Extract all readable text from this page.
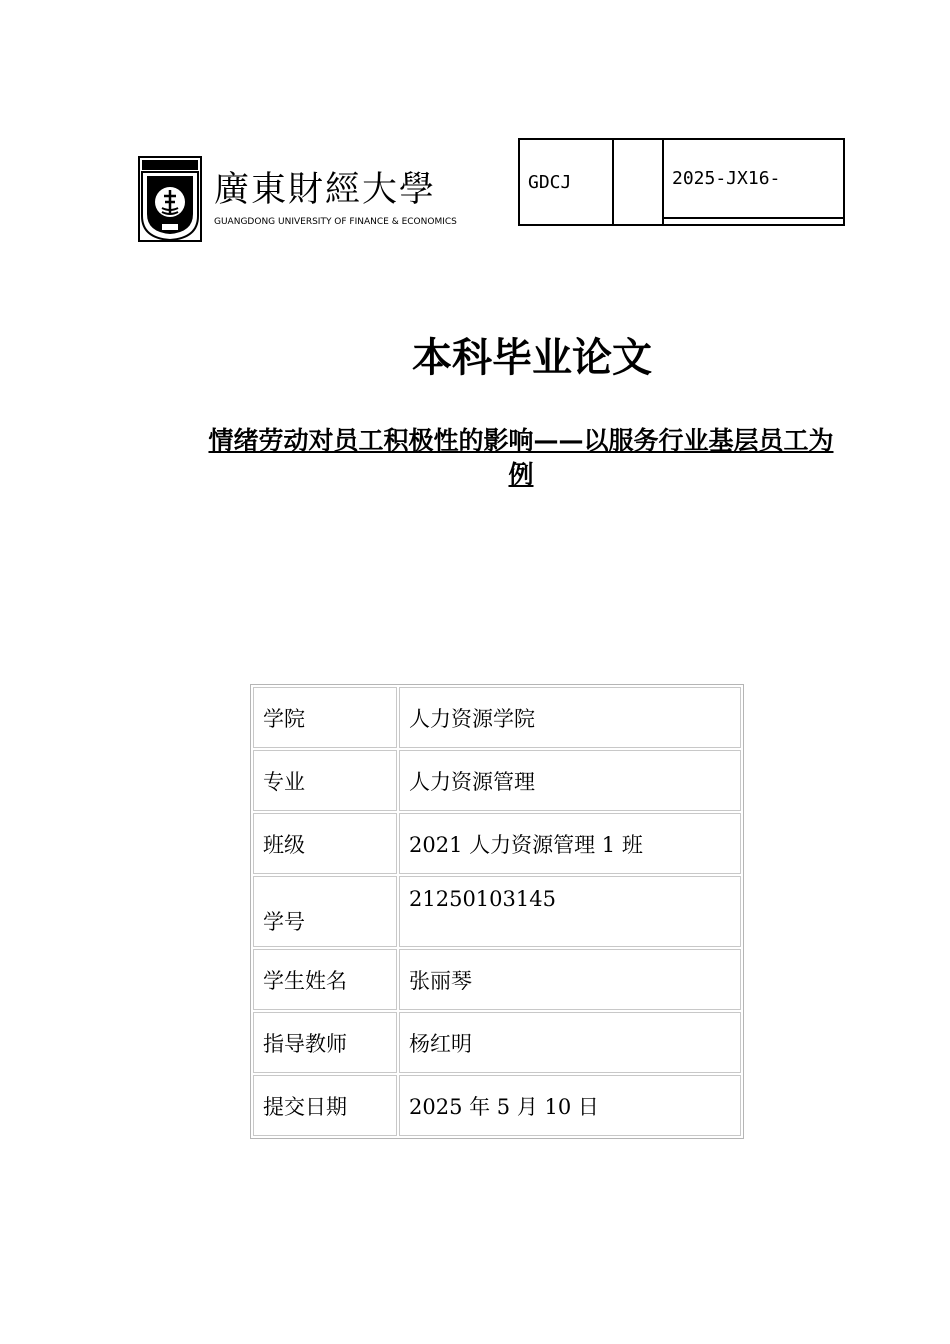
廣東財經大學
GUANGDONG UNIVERSITY OF FINANCE & ECONOMICS
GDCJ		2025-JX16-

本科毕业论文
情绪劳动对员工积极性的影响——以服务行业基层员工为例
学院	人力资源学院
专业	人力资源管理
班级	2021 人力资源管理 1 班
学号	21250103145
学生姓名	张丽琴
指导教师	杨红明
提交日期	2025 年 5 月 10 日
